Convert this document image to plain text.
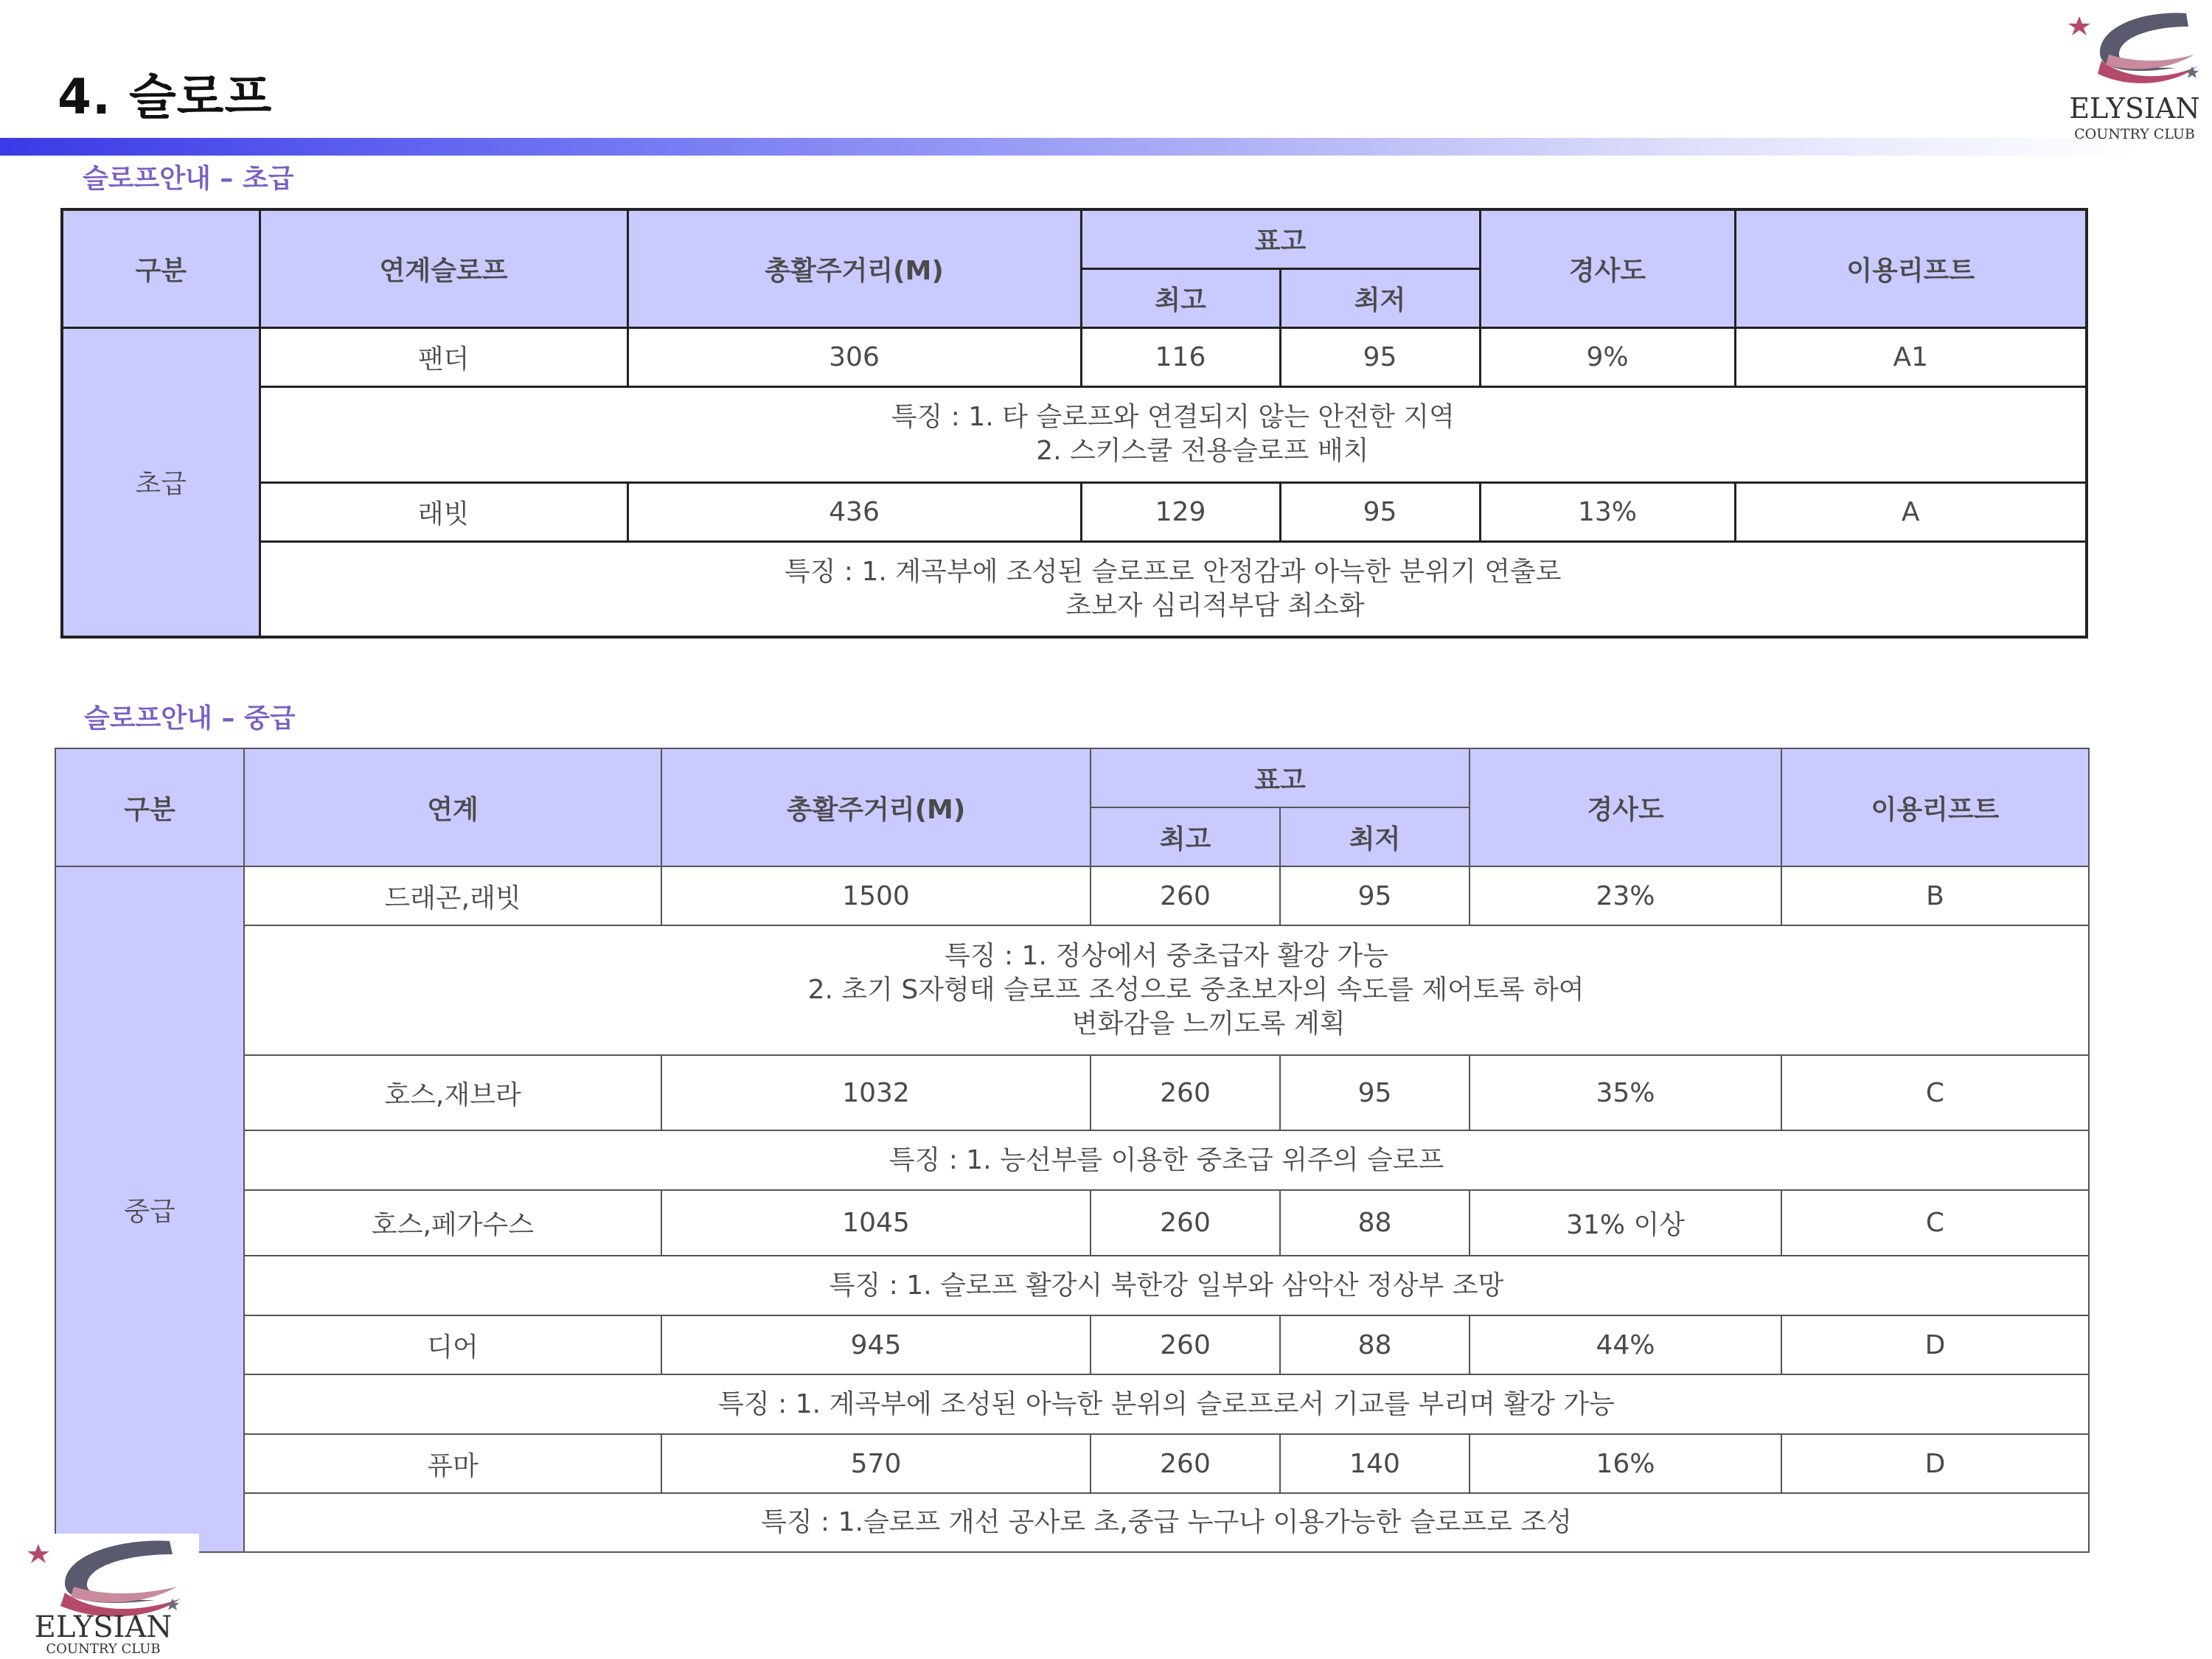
4. 슬로프	ELYSIAN
COUNTRY CLUB
슬로프안내 – 초급
구분	연계슬로프	총활주거리(M)	표고		경사도	이용리프트
			최고	최저		
초급	팬더	306	116	95	9%	A1

	특징 : 1. 타 슬로프와 연결되지 않는 안전한 지역
2. 스키스쿨 전용슬로프 배치					

	래빗	436	129	95	13%	A

	특징 : 1. 계곡부에 조성된 슬로프로 안정감과 아늑한 분위기 연출로
초보자 심리적부담 최소화					
슬로프안내 – 중급
구분	연계	총활주거리(M)	표고		경사도	이용리프트
			최고	최저		
중급	드래곤,래빗	1500	260	95	23%	B

	특징 : 1. 정상에서 중초급자 활강 가능
2. 초기 S자형태 슬로프 조성으로 중초보자의 속도를 제어토록 하여
변화감을 느끼도록 계획					

	호스,재브라	1032	260	95	35%	C

	특징 : 1. 능선부를 이용한 중초급 위주의 슬로프					

	호스,페가수스	1045	260	88	31% 이상	C

	특징 : 1. 슬로프 활강시 북한강 일부와 삼악산 정상부 조망					

	디어	945	260	88	44%	D

	특징 : 1. 계곡부에 조성된 아늑한 분위의 슬로프로서 기교를 부리며 활강 가능					

	퓨마	570	260	140	16%	D

	특징 : 1.슬로프 개선 공사로 초,중급 누구나 이용가능한 슬로프로 조성					
ELYSIAN
COUNTRY CLUB
